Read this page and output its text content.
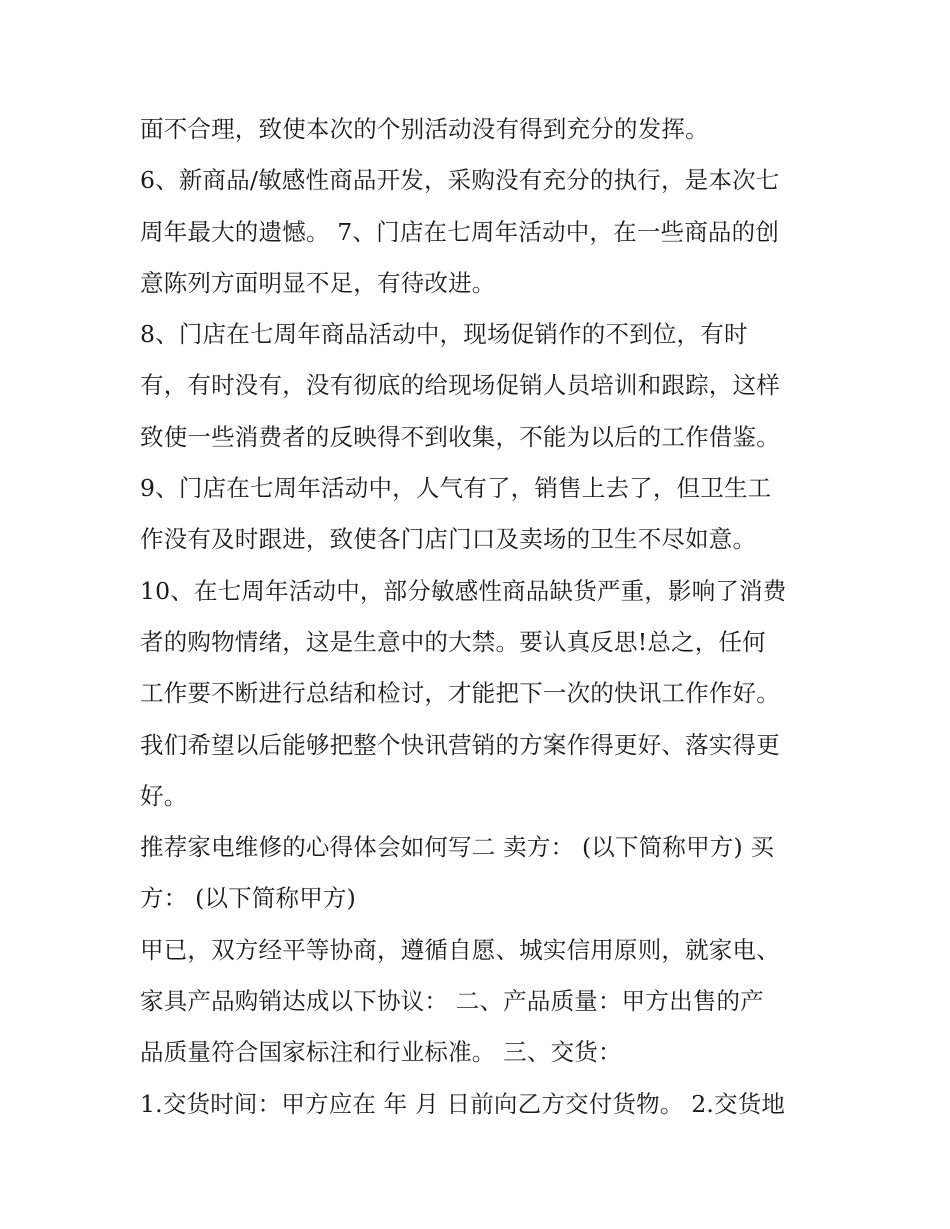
面不合理，致使本次的个别活动没有得到充分的发挥。
6、新商品/敏感性商品开发，采购没有充分的执行，是本次七
周年最大的遗憾。 7、门店在七周年活动中，在一些商品的创
意陈列方面明显不足，有待改进。
8、门店在七周年商品活动中，现场促销作的不到位，有时
有，有时没有，没有彻底的给现场促销人员培训和跟踪，这样
致使一些消费者的反映得不到收集，不能为以后的工作借鉴。
9、门店在七周年活动中，人气有了，销售上去了，但卫生工
作没有及时跟进，致使各门店门口及卖场的卫生不尽如意。
10、在七周年活动中，部分敏感性商品缺货严重，影响了消费
者的购物情绪，这是生意中的大禁。要认真反思!总之，任何
工作要不断进行总结和检讨，才能把下一次的快讯工作作好。
我们希望以后能够把整个快讯营销的方案作得更好、落实得更
好。
推荐家电维修的心得体会如何写二 卖方： (以下简称甲方) 买
方： (以下简称甲方)
甲已，双方经平等协商，遵循自愿、城实信用原则，就家电、
家具产品购销达成以下协议： 二、产品质量：甲方出售的产
品质量符合国家标注和行业标准。 三、交货：
1.交货时间：甲方应在 年 月 日前向乙方交付货物。 2.交货地
